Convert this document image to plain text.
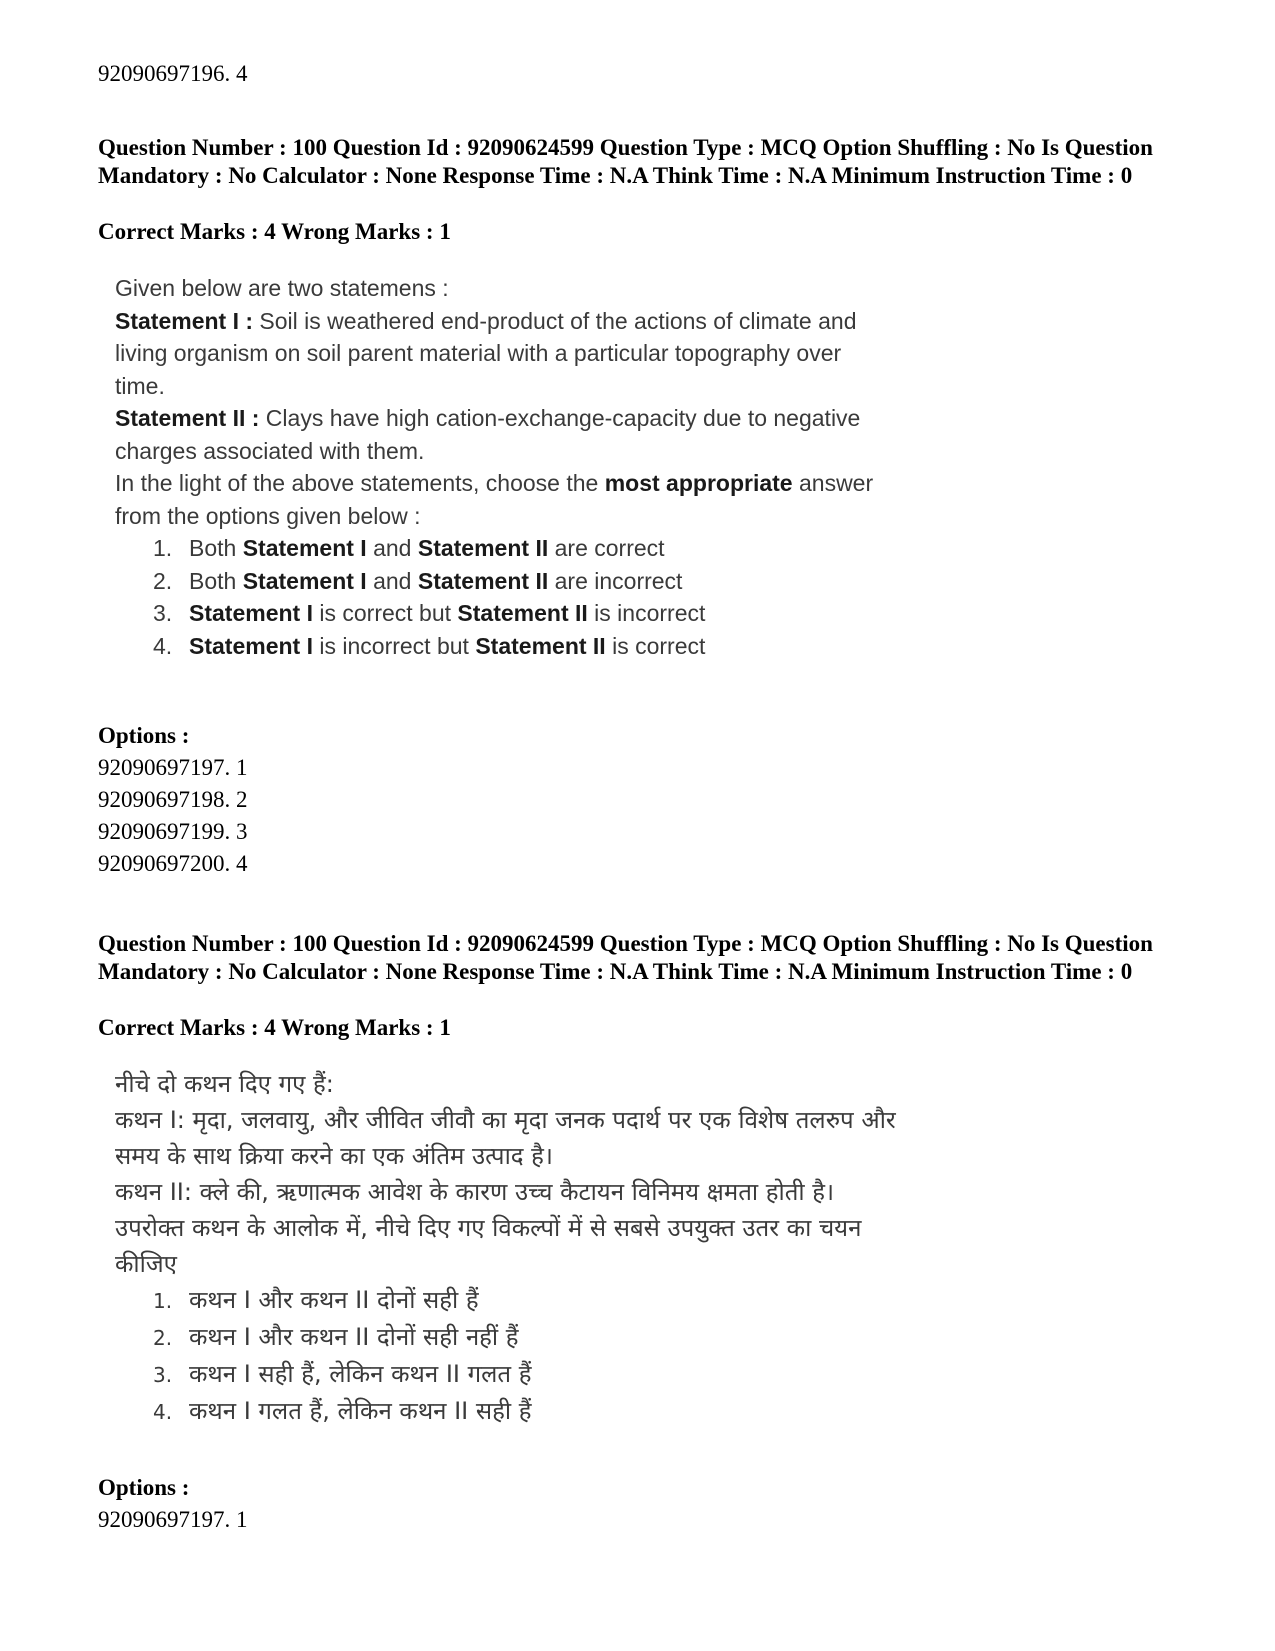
92090697196. 4
Question Number : 100 Question Id : 92090624599 Question Type : MCQ Option Shuffling : No Is Question Mandatory : No Calculator : None Response Time : N.A Think Time : N.A Minimum Instruction Time : 0
Correct Marks : 4 Wrong Marks : 1
Given below are two statemens :
Statement I : Soil is weathered end-product of the actions of climate and
living organism on soil parent material with a particular topography over
time.
Statement II : Clays have high cation-exchange-capacity due to negative
charges associated with them.
In the light of the above statements, choose the most appropriate answer
from the options given below :
1. Both Statement I and Statement II are correct
2. Both Statement I and Statement II are incorrect
3. Statement I is correct but Statement II is incorrect
4. Statement I is incorrect but Statement II is correct
Options :
92090697197. 1
92090697198. 2
92090697199. 3
92090697200. 4
Question Number : 100 Question Id : 92090624599 Question Type : MCQ Option Shuffling : No Is Question Mandatory : No Calculator : None Response Time : N.A Think Time : N.A Minimum Instruction Time : 0
Correct Marks : 4 Wrong Marks : 1
नीचे दो कथन दिए गए हैं:
कथन I: मृदा, जलवायु, और जीवित जीवौ का मृदा जनक पदार्थ पर एक विशेष तलरुप और
समय के साथ क्रिया करने का एक अंतिम उत्पाद है।
कथन II: क्ले की, ऋणात्मक आवेश के कारण उच्च कैटायन विनिमय क्षमता होती है।
उपरोक्त कथन के आलोक में, नीचे दिए गए विकल्पों में से सबसे उपयुक्त उतर का चयन
कीजिए
1. कथन I और कथन II दोनों सही हैं
2. कथन I और कथन II दोनों सही नहीं हैं
3. कथन I सही हैं, लेकिन कथन II गलत हैं
4. कथन I गलत हैं, लेकिन कथन II सही हैं
Options :
92090697197. 1
